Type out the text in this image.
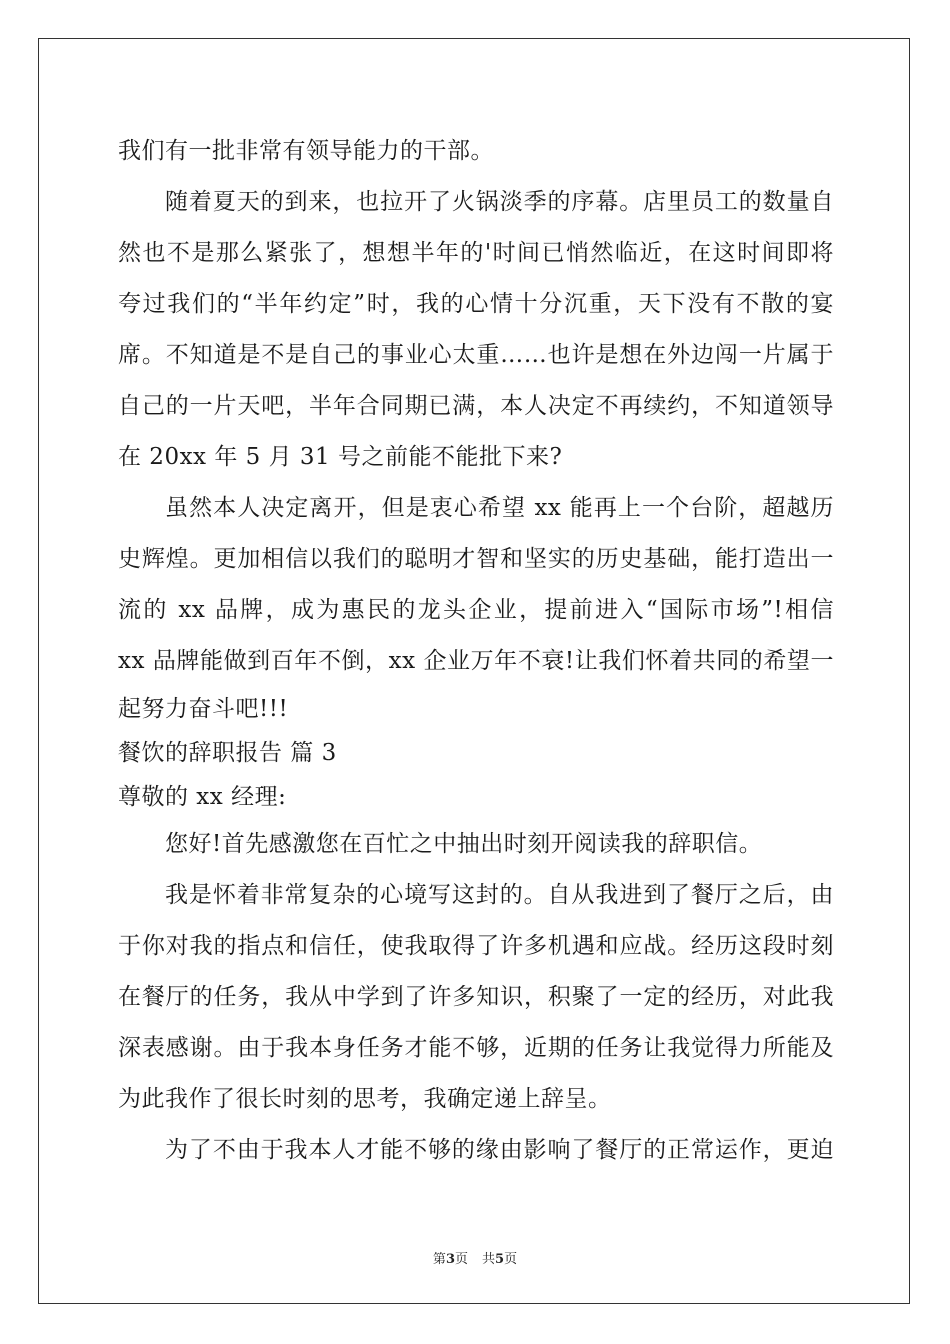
我们有一批非常有领导能力的干部。
随着夏天的到来，也拉开了火锅淡季的序幕。店里员工的数量自
然也不是那么紧张了，想想半年的'时间已悄然临近，在这时间即将
夸过我们的“半年约定”时，我的心情十分沉重，天下没有不散的宴
席。不知道是不是自己的事业心太重……也许是想在外边闯一片属于
自己的一片天吧，半年合同期已满，本人决定不再续约，不知道领导
在 20xx 年 5 月 31 号之前能不能批下来?
虽然本人决定离开，但是衷心希望 xx 能再上一个台阶，超越历
史辉煌。更加相信以我们的聪明才智和坚实的历史基础，能打造出一
流的 xx 品牌，成为惠民的龙头企业，提前进入“国际市场”!相信
xx 品牌能做到百年不倒，xx 企业万年不衰!让我们怀着共同的希望一
起努力奋斗吧!!!
餐饮的辞职报告 篇 3
尊敬的 xx 经理:
您好!首先感激您在百忙之中抽出时刻开阅读我的辞职信。
我是怀着非常复杂的心境写这封的。自从我进到了餐厅之后，由
于你对我的指点和信任，使我取得了许多机遇和应战。经历这段时刻
在餐厅的任务，我从中学到了许多知识，积聚了一定的经历，对此我
深表感谢。由于我本身任务才能不够，近期的任务让我觉得力所能及
为此我作了很长时刻的思考，我确定递上辞呈。
为了不由于我本人才能不够的缘由影响了餐厅的正常运作，更迫
第3页 共5页
